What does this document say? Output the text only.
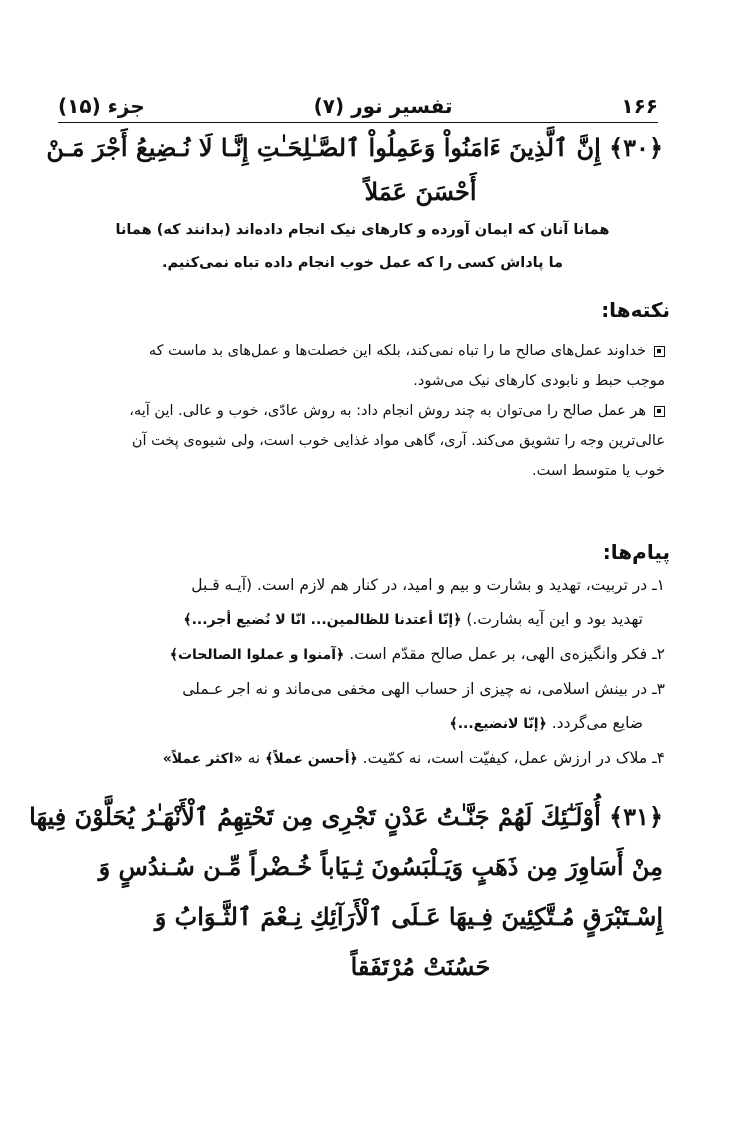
۱۶۶
تفسیر نور (۷)
جزء (۱۵)
﴿۳۰﴾ إِنَّ ٱلَّذِينَ ءَامَنُواْ وَعَمِلُواْ ٱلصَّـٰلِحَـٰتِ إِنَّـا لَا نُـضِيعُ أَجْرَ مَـنْ
أَحْسَنَ عَمَلاً
همانا آنان که ایمان آورده و کارهای نیک انجام داده‌اند (بدانند که) همانا
ما پاداش کسی را که عمل خوب انجام داده تباه نمی‌کنیم.
نکته‌ها:
خداوند عمل‌های صالح ما را تباه نمی‌کند، بلکه این خصلت‌ها و عمل‌های بد ماست که
موجب حبط و نابودی کارهای نیک می‌شود.
هر عمل صالح را می‌توان به چند روش انجام داد: به روش عادّی، خوب و عالی. این آیه،
عالی‌ترین وجه را تشویق می‌کند. آری، گاهی مواد غذایی خوب است، ولی شیوه‌ی پخت آن
خوب یا متوسط است.
پیام‌ها:
۱ـ در تربیت، تهدید و بشارت و بیم و امید، در کنار هم لازم است. (آیـه قـبل
تهدید بود و این آیه بشارت.) ﴿إنّا أعتدنا للظالمین... انّا لا نُضیع أجر...﴾
۲ـ فکر وانگیزه‌ی الهی، بر عمل صالح مقدّم است. ﴿آمنوا و عملوا الصالحات﴾
۳ـ در بینش اسلامی، نه چیزی از حساب الهی مخفی می‌ماند و نه اجر عـملی
ضایع می‌گردد. ﴿إنّا لانضیع...﴾
۴ـ ملاک در ارزش عمل، کیفیّت است، نه کمّیت. ﴿أحسن عملاً﴾ نه «اکثر عملاً»
﴿۳۱﴾ أُوْلَـٰٓئِكَ لَهُمْ جَنَّـٰتُ عَدْنٍ تَجْرِى مِن تَحْتِهِمُ ٱلْأَنْهَـٰرُ يُحَلَّوْنَ فِيهَا
مِنْ أَسَاوِرَ مِن ذَهَبٍ وَيَـلْبَسُونَ ثِـيَاباً خُـضْراً مِّـن سُـندُسٍ وَ
إِسْـتَبْرَقٍ مُـتَّكِئِينَ فِـيهَا عَـلَى ٱلْأَرَآئِكِ نِـعْمَ ٱلثَّـوَابُ وَ
حَسُنَتْ مُرْتَفَقاً
